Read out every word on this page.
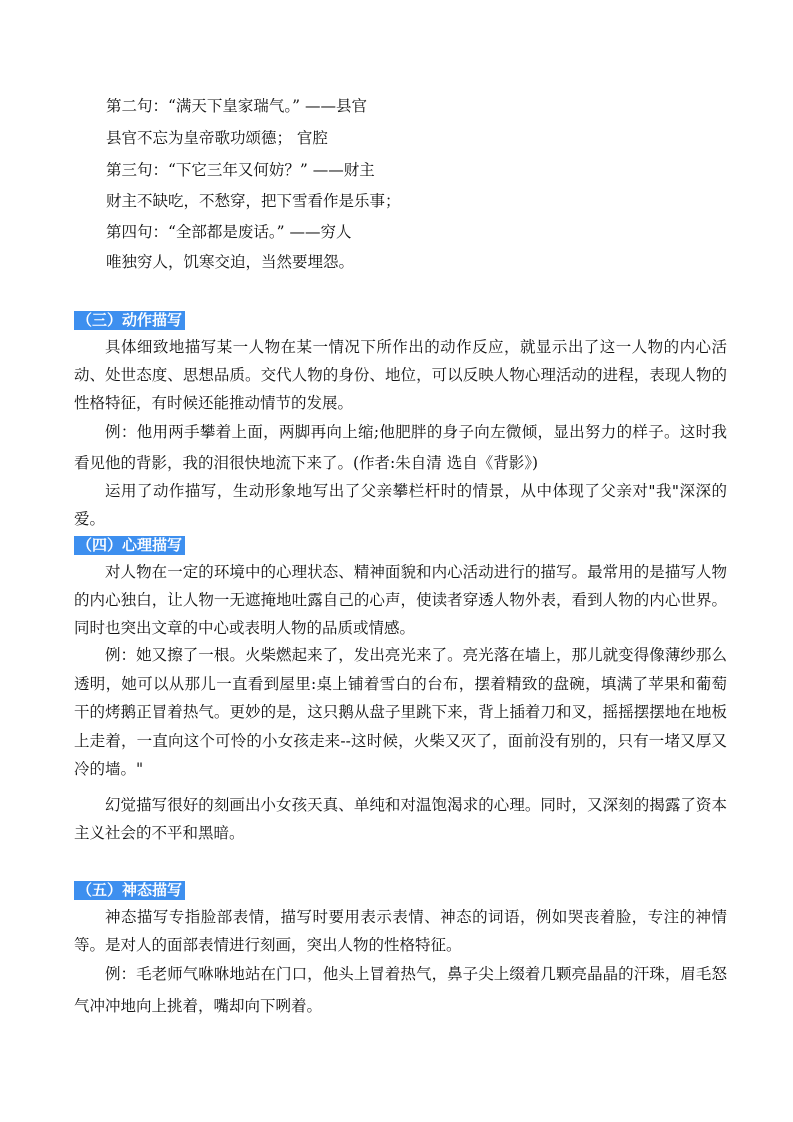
第二句：“满天下皇家瑞气。” ——县官
县官不忘为皇帝歌功颂德； 官腔
第三句：“下它三年又何妨？” ——财主
财主不缺吃，不愁穿，把下雪看作是乐事；
第四句：“全部都是废话。” ——穷人
唯独穷人，饥寒交迫，当然要埋怨。
（三）动作描写
具体细致地描写某一人物在某一情况下所作出的动作反应，就显示出了这一人物的内心活动、处世态度、思想品质。交代人物的身份、地位，可以反映人物心理活动的进程，表现人物的性格特征，有时候还能推动情节的发展。
例：他用两手攀着上面，两脚再向上缩;他肥胖的身子向左微倾，显出努力的样子。这时我看见他的背影，我的泪很快地流下来了。(作者:朱自清 选自《背影》)
运用了动作描写，生动形象地写出了父亲攀栏杆时的情景，从中体现了父亲对"我"深深的爱。
（四）心理描写
对人物在一定的环境中的心理状态、精神面貌和内心活动进行的描写。最常用的是描写人物的内心独白，让人物一无遮掩地吐露自己的心声，使读者穿透人物外表，看到人物的内心世界。同时也突出文章的中心或表明人物的品质或情感。
例：她又擦了一根。火柴燃起来了，发出亮光来了。亮光落在墙上，那儿就变得像薄纱那么透明，她可以从那儿一直看到屋里:桌上铺着雪白的台布，摆着精致的盘碗，填满了苹果和葡萄干的烤鹅正冒着热气。更妙的是，这只鹅从盘子里跳下来，背上插着刀和叉，摇摇摆摆地在地板上走着，一直向这个可怜的小女孩走来--这时候，火柴又灭了，面前没有别的，只有一堵又厚又冷的墙。"
幻觉描写很好的刻画出小女孩天真、单纯和对温饱渴求的心理。同时，又深刻的揭露了资本主义社会的不平和黑暗。
（五）神态描写
神态描写专指脸部表情，描写时要用表示表情、神态的词语，例如哭丧着脸，专注的神情等。是对人的面部表情进行刻画，突出人物的性格特征。
例：毛老师气咻咻地站在门口，他头上冒着热气，鼻子尖上缀着几颗亮晶晶的汗珠，眉毛怒气冲冲地向上挑着，嘴却向下咧着。
